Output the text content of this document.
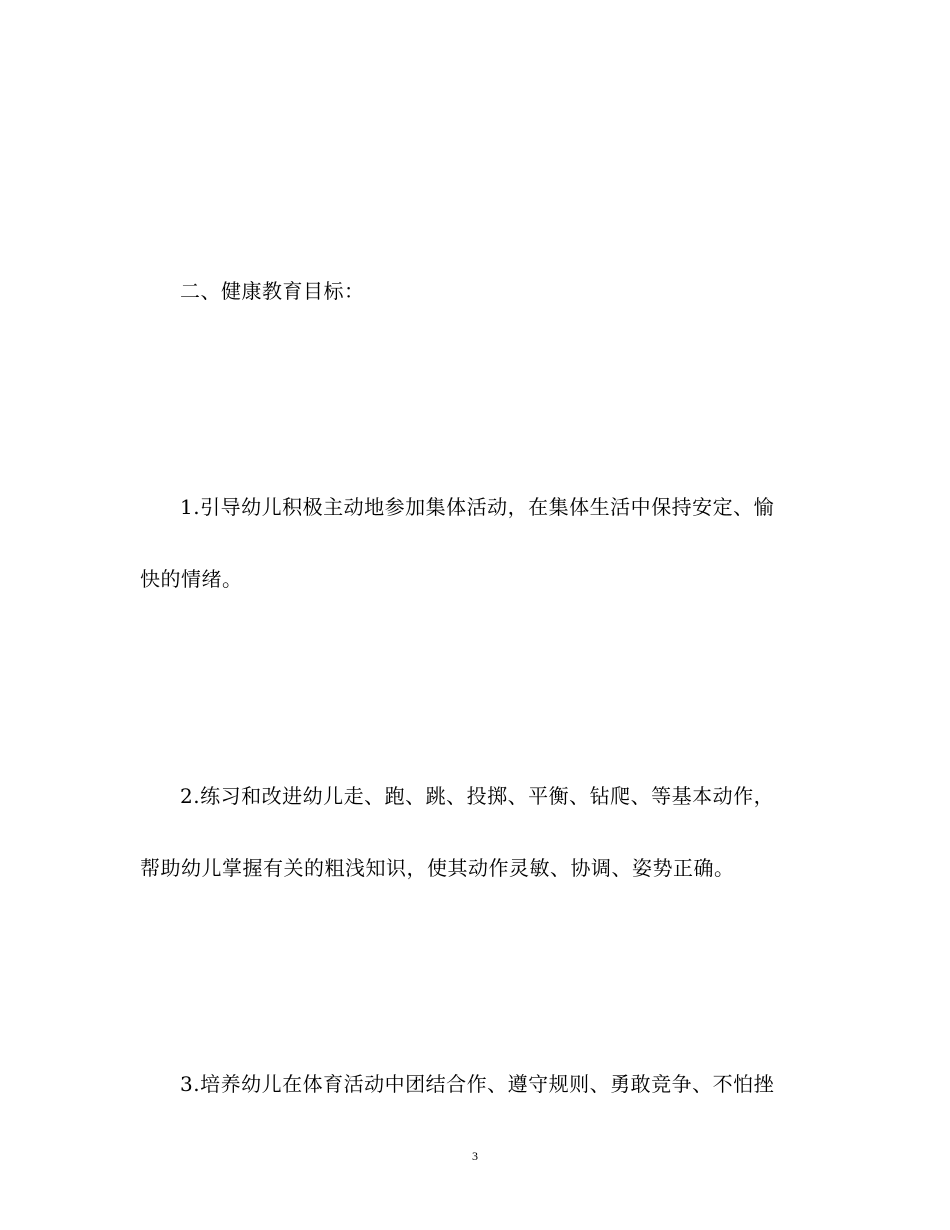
二、健康教育目标：
1.引导幼儿积极主动地参加集体活动，在集体生活中保持安定、愉
快的情绪。
2.练习和改进幼儿走、跑、跳、投掷、平衡、钻爬、等基本动作，
帮助幼儿掌握有关的粗浅知识，使其动作灵敏、协调、姿势正确。
3.培养幼儿在体育活动中团结合作、遵守规则、勇敢竞争、不怕挫
3
